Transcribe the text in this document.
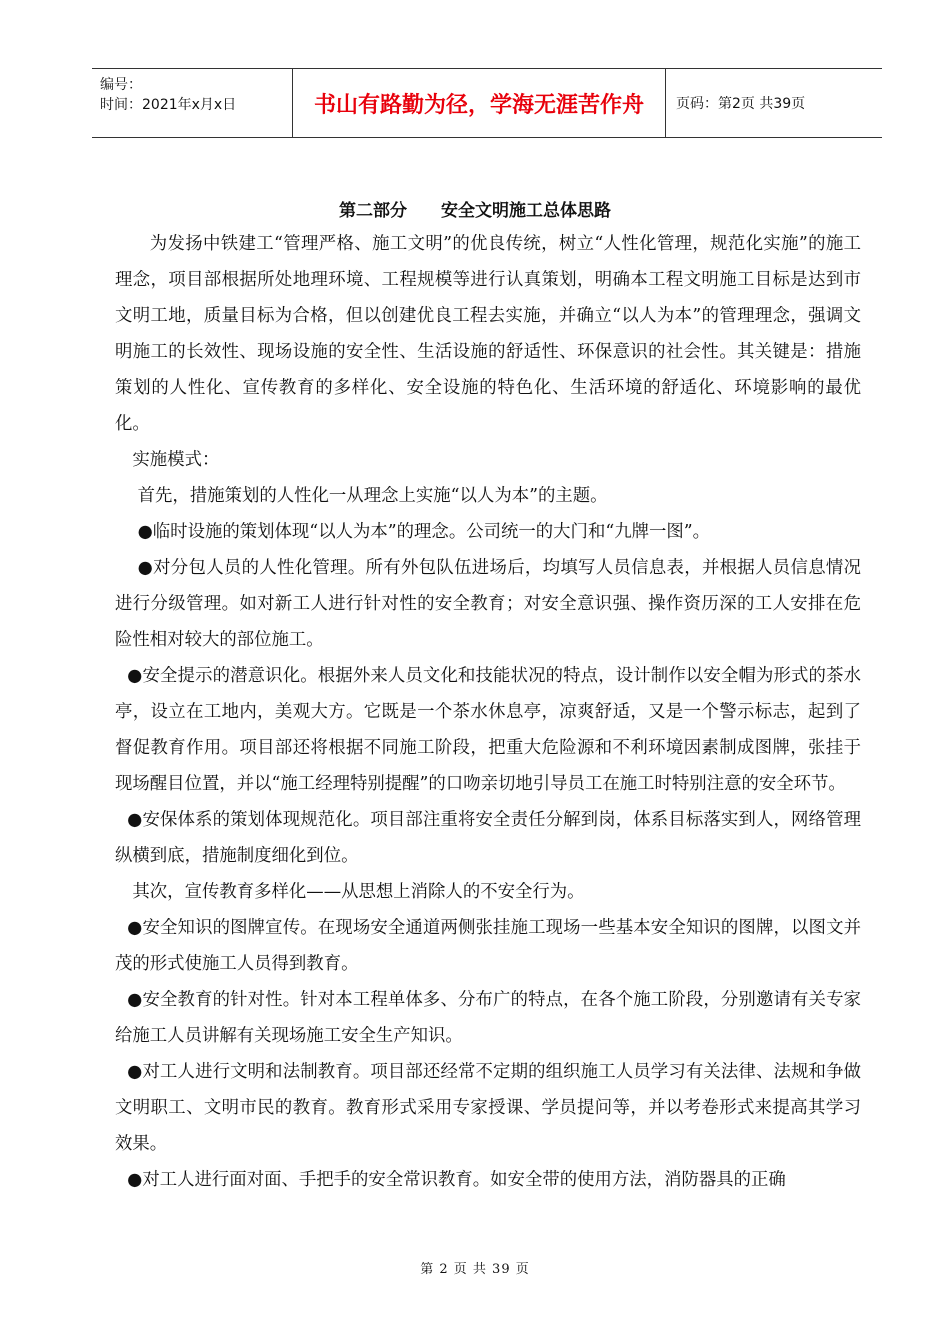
编号：
时间：2021年x月x日	书山有路勤为径，学海无涯苦作舟	页码：第2页 共39页
第二部分 安全文明施工总体思路

为发扬中铁建工“管理严格、施工文明”的优良传统，树立“人性化管理，规范化实施”的施工理念，项目部根据所处地理环境、工程规模等进行认真策划，明确本工程文明施工目标是达到市文明工地，质量目标为合格，但以创建优良工程去实施，并确立“以人为本”的管理理念，强调文明施工的长效性、现场设施的安全性、生活设施的舒适性、环保意识的社会性。其关键是：措施策划的人性化、宣传教育的多样化、安全设施的特色化、生活环境的舒适化、环境影响的最优化。

实施模式：

首先，措施策划的人性化一从理念上实施“以人为本”的主题。

●临时设施的策划体现“以人为本”的理念。公司统一的大门和“九牌一图”。

●对分包人员的人性化管理。所有外包队伍进场后，均填写人员信息表，并根据人员信息情况进行分级管理。如对新工人进行针对性的安全教育；对安全意识强、操作资历深的工人安排在危险性相对较大的部位施工。

●安全提示的潜意识化。根据外来人员文化和技能状况的特点，设计制作以安全帽为形式的茶水亭，设立在工地内，美观大方。它既是一个茶水休息亭，凉爽舒适，又是一个警示标志，起到了督促教育作用。项目部还将根据不同施工阶段，把重大危险源和不利环境因素制成图牌，张挂于现场醒目位置，并以“施工经理特别提醒”的口吻亲切地引导员工在施工时特别注意的安全环节。

●安保体系的策划体现规范化。项目部注重将安全责任分解到岗，体系目标落实到人，网络管理纵横到底，措施制度细化到位。

其次，宣传教育多样化——从思想上消除人的不安全行为。

●安全知识的图牌宣传。在现场安全通道两侧张挂施工现场一些基本安全知识的图牌，以图文并茂的形式使施工人员得到教育。

●安全教育的针对性。针对本工程单体多、分布广的特点，在各个施工阶段，分别邀请有关专家给施工人员讲解有关现场施工安全生产知识。

●对工人进行文明和法制教育。项目部还经常不定期的组织施工人员学习有关法律、法规和争做文明职工、文明市民的教育。教育形式采用专家授课、学员提问等，并以考卷形式来提高其学习效果。

●对工人进行面对面、手把手的安全常识教育。如安全带的使用方法，消防器具的正确

第 2 页 共 39 页
